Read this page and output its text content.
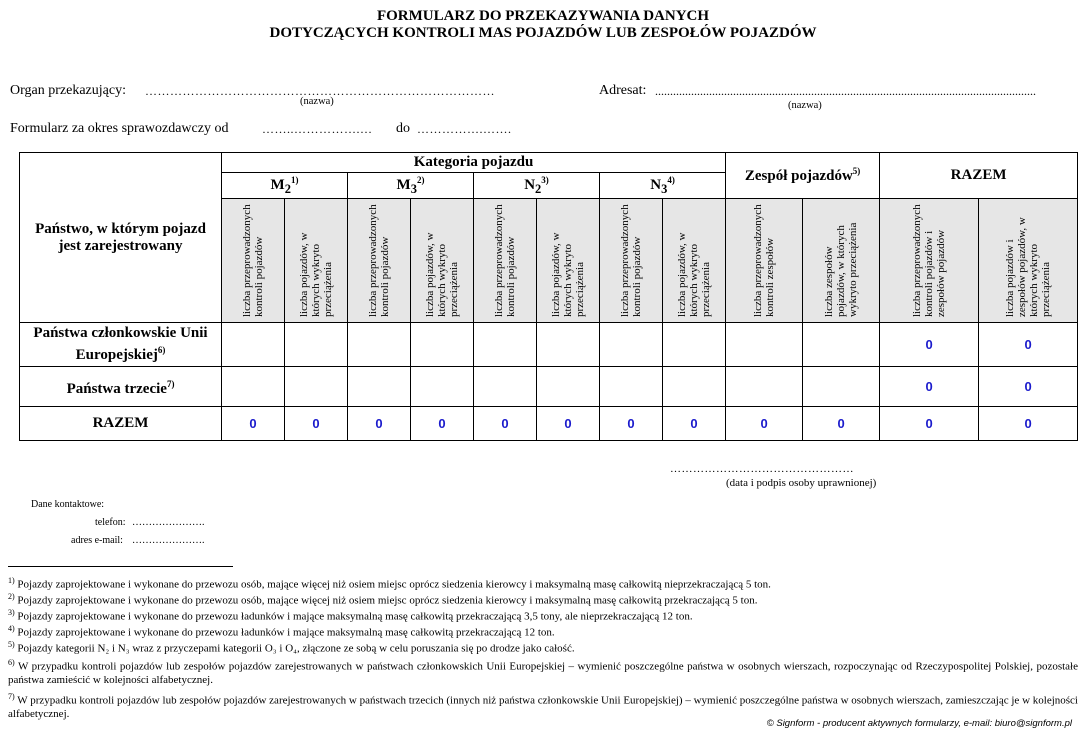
FORMULARZ DO PRZEKAZYWANIA DANYCH
DOTYCZĄCYCH KONTROLI MAS POJAZDÓW LUB ZESPOŁÓW POJAZDÓW
Organ przekazujący: …………………………………………………………………………
(nazwa)
Adresat: ...............................................................................................................................
(nazwa)
Formularz za okres sprawozdawczy od	……..…………….… do …………….…….
Państwo, w którym pojazd jest zarejestrowany	Kategoria pojazdu								Zespół pojazdów$^{5)}$		RAZEM	
	$M_2^{1)}$		$M_3^{2)}$		$N_2^{3)}$		$N_3^{4)}$
	liczba przeprowadzonych kontroli pojazdów	liczba pojazdów, w których wykryto przeciążenia	liczba przeprowadzonych kontroli pojazdów	liczba pojazdów, w których wykryto przeciążenia	liczba przeprowadzonych kontroli pojazdów	liczba pojazdów, w których wykryto przeciążenia	liczba przeprowadzonych kontroli pojazdów	liczba pojazdów, w których wykryto przeciążenia	liczba przeprowadzonych kontroli zespołów	liczba zespołów pojazdów, w których wykryto przeciążenia	liczba przeprowadzonych kontroli pojazdów i zespołów pojazdów	liczba pojazdów i zespołów pojazdów, w których wykryto przeciążenia
Państwa członkowskie Unii Europejskiej$^{6)}$											0	0
Państwa trzecie$^{7)}$											0	0
RAZEM	0	0	0	0	0	0	0	0	0	0	0	0
…………………………………………
(data i podpis osoby uprawnionej)
Dane kontaktowe:
telefon: ………………….
adres e-mail: ………………….
$^{1)}$ Pojazdy zaprojektowane i wykonane do przewozu osób, mające więcej niż osiem miejsc oprócz siedzenia kierowcy i maksymalną masę całkowitą nieprzekraczającą 5 ton.
$^{2)}$ Pojazdy zaprojektowane i wykonane do przewozu osób, mające więcej niż osiem miejsc oprócz siedzenia kierowcy i maksymalną masę całkowitą przekraczającą 5 ton.
$^{3)}$ Pojazdy zaprojektowane i wykonane do przewozu ładunków i mające maksymalną masę całkowitą przekraczającą 3,5 tony, ale nieprzekraczającą 12 ton.
$^{4)}$ Pojazdy zaprojektowane i wykonane do przewozu ładunków i mające maksymalną masę całkowitą przekraczającą 12 ton.
$^{5)}$ Pojazdy kategorii N₂ i N₃ wraz z przyczepami kategorii O₃ i O₄, złączone ze sobą w celu poruszania się po drodze jako całość.
$^{6)}$ W przypadku kontroli pojazdów lub zespołów pojazdów zarejestrowanych w państwach członkowskich Unii Europejskiej – wymienić poszczególne państwa w osobnych wierszach, rozpoczynając od Rzeczypospolitej Polskiej, pozostałe państwa zamieścić w kolejności alfabetycznej.
$^{7)}$ W przypadku kontroli pojazdów lub zespołów pojazdów zarejestrowanych w państwach trzecich (innych niż państwa członkowskie Unii Europejskiej) – wymienić poszczególne państwa w osobnych wierszach, zamieszczając je w kolejności alfabetycznej.
© Signform - producent aktywnych formularzy, e-mail: biuro@signform.pl
